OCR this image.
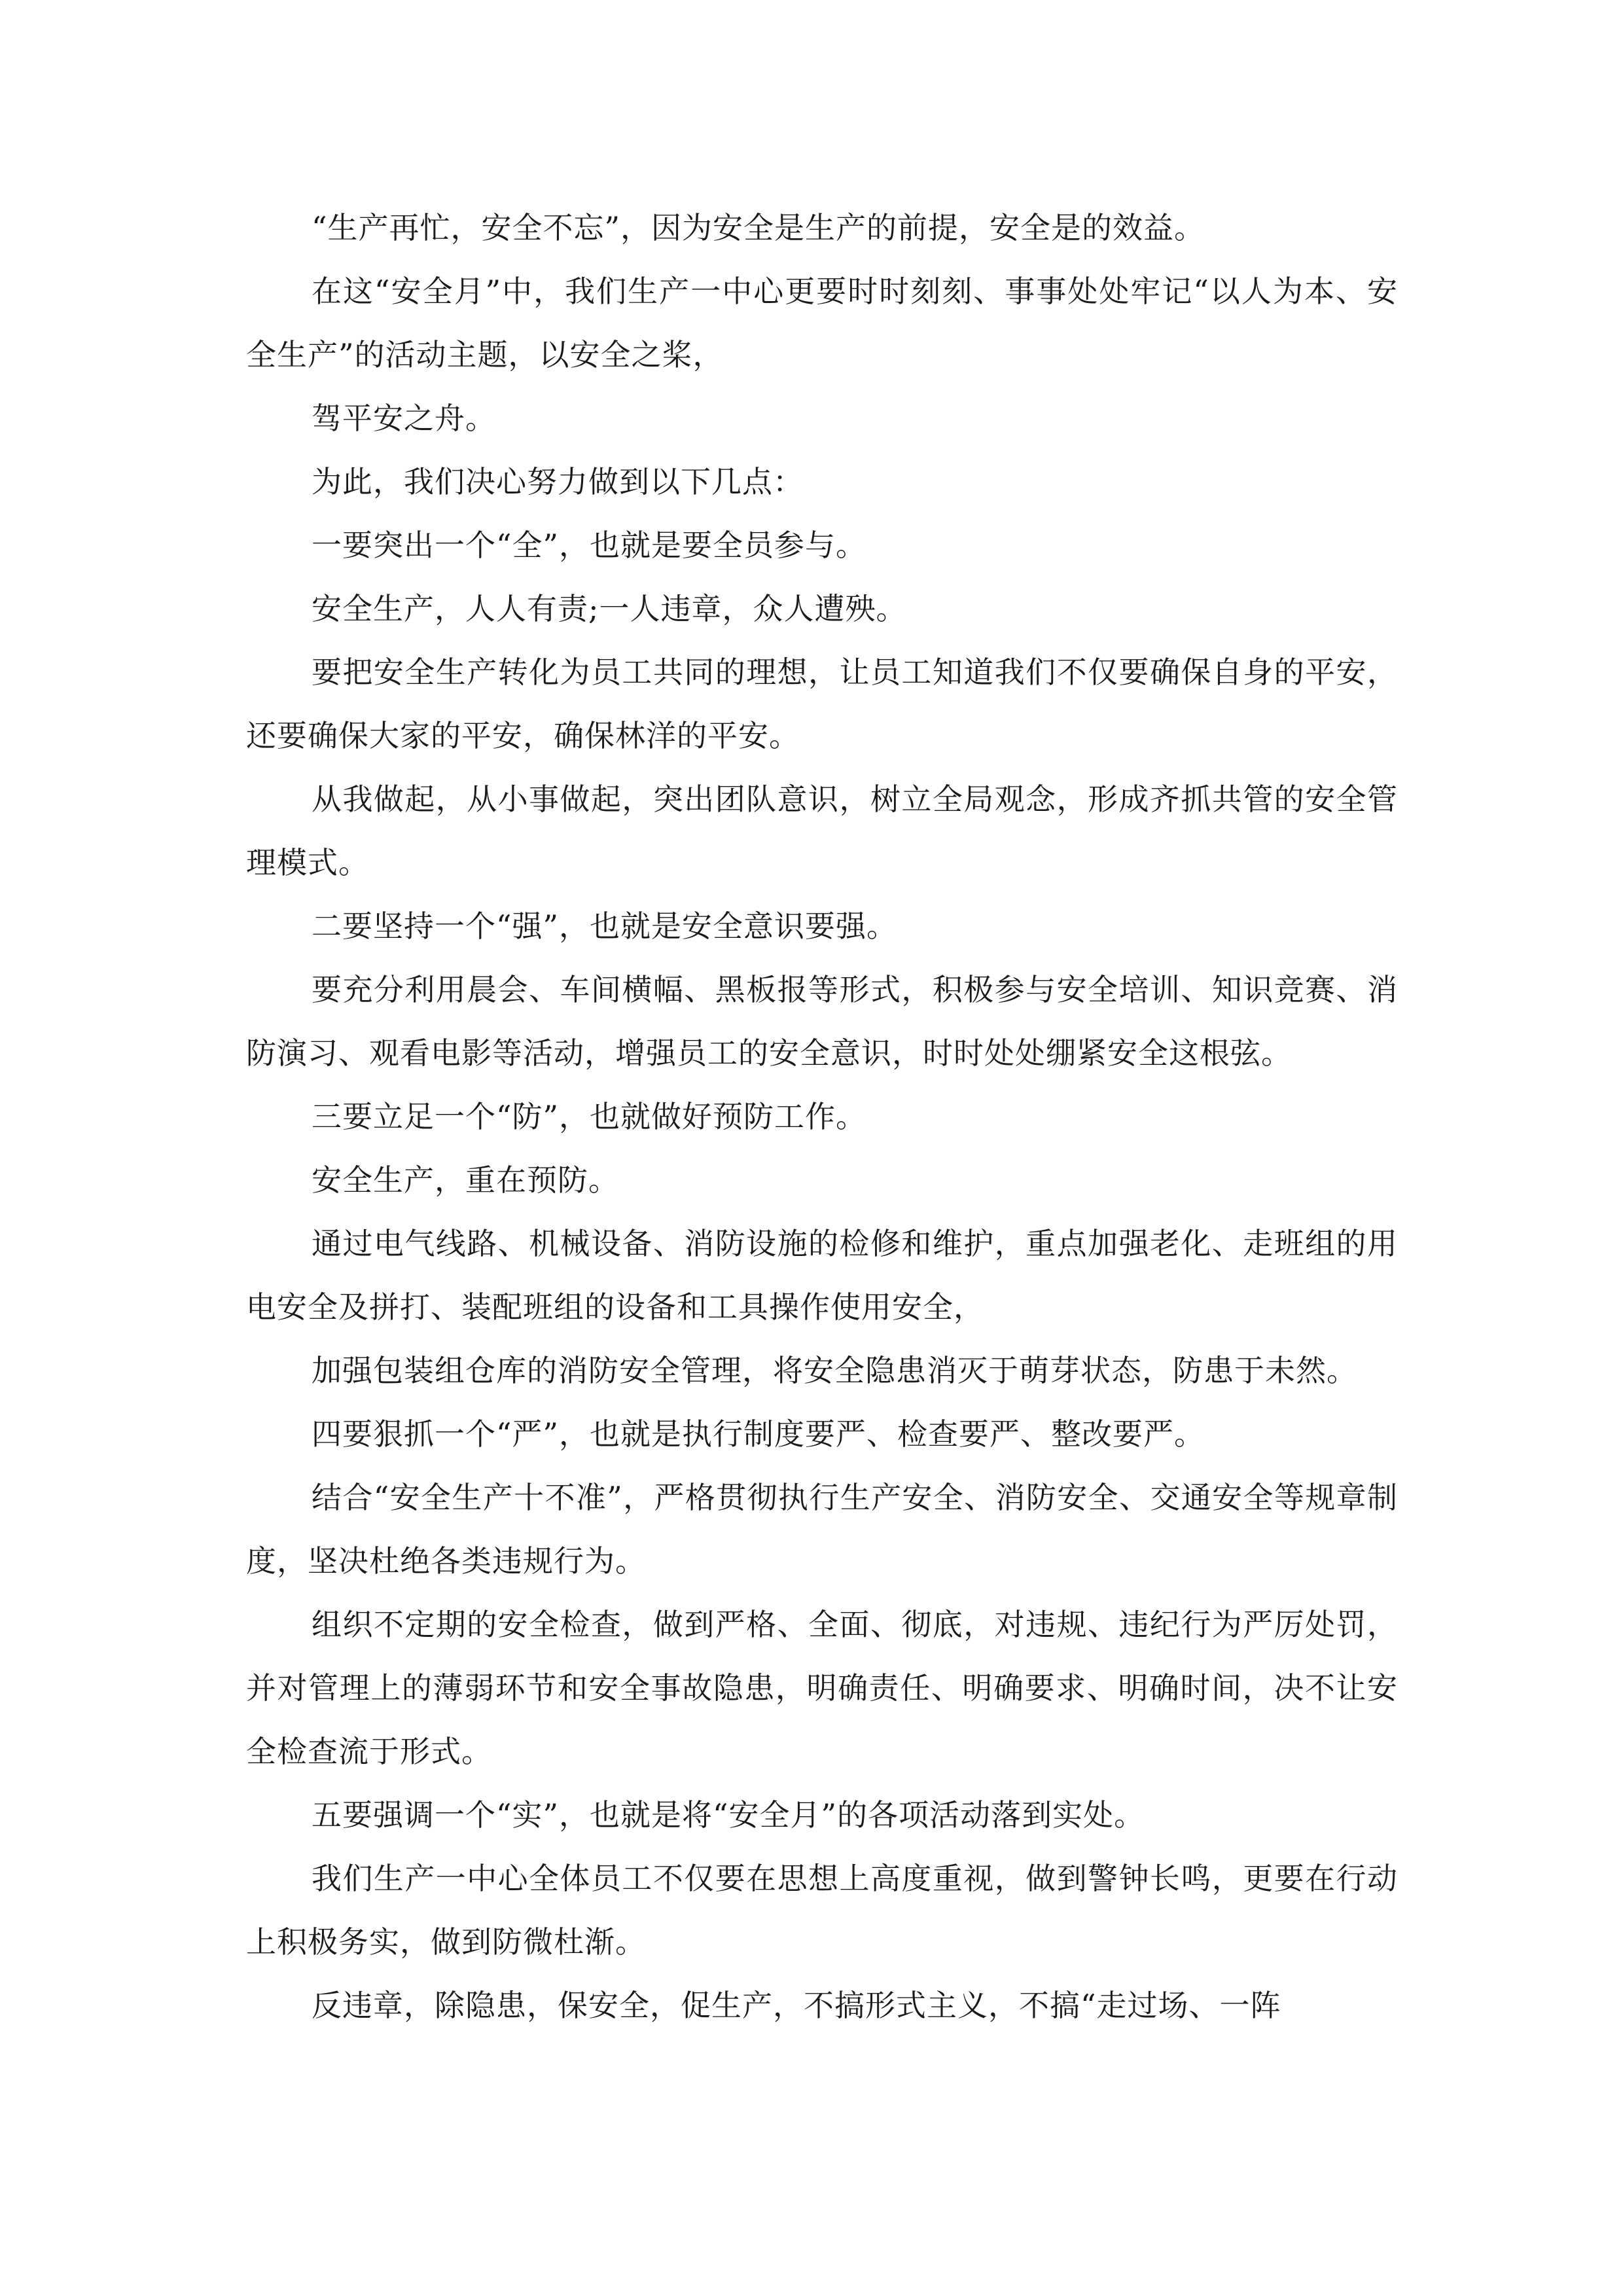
“生产再忙，安全不忘”，因为安全是生产的前提，安全是的效益。

在这“安全月”中，我们生产一中心更要时时刻刻、事事处处牢记“以人为本、安全生产”的活动主题，以安全之桨，

驾平安之舟。

为此，我们决心努力做到以下几点：

一要突出一个“全”，也就是要全员参与。

安全生产，人人有责;一人违章，众人遭殃。

要把安全生产转化为员工共同的理想，让员工知道我们不仅要确保自身的平安，还要确保大家的平安，确保林洋的平安。

从我做起，从小事做起，突出团队意识，树立全局观念，形成齐抓共管的安全管理模式。

二要坚持一个“强”，也就是安全意识要强。

要充分利用晨会、车间横幅、黑板报等形式，积极参与安全培训、知识竞赛、消防演习、观看电影等活动，增强员工的安全意识，时时处处绷紧安全这根弦。

三要立足一个“防”，也就做好预防工作。

安全生产，重在预防。

通过电气线路、机械设备、消防设施的检修和维护，重点加强老化、走班组的用电安全及拼打、装配班组的设备和工具操作使用安全，

加强包装组仓库的消防安全管理，将安全隐患消灭于萌芽状态，防患于未然。

四要狠抓一个“严”，也就是执行制度要严、检查要严、整改要严。

结合“安全生产十不准”，严格贯彻执行生产安全、消防安全、交通安全等规章制度，坚决杜绝各类违规行为。

组织不定期的安全检查，做到严格、全面、彻底，对违规、违纪行为严厉处罚，并对管理上的薄弱环节和安全事故隐患，明确责任、明确要求、明确时间，决不让安全检查流于形式。

五要强调一个“实”，也就是将“安全月”的各项活动落到实处。

我们生产一中心全体员工不仅要在思想上高度重视，做到警钟长鸣，更要在行动上积极务实，做到防微杜渐。

反违章，除隐患，保安全，促生产，不搞形式主义，不搞“走过场、一阵
